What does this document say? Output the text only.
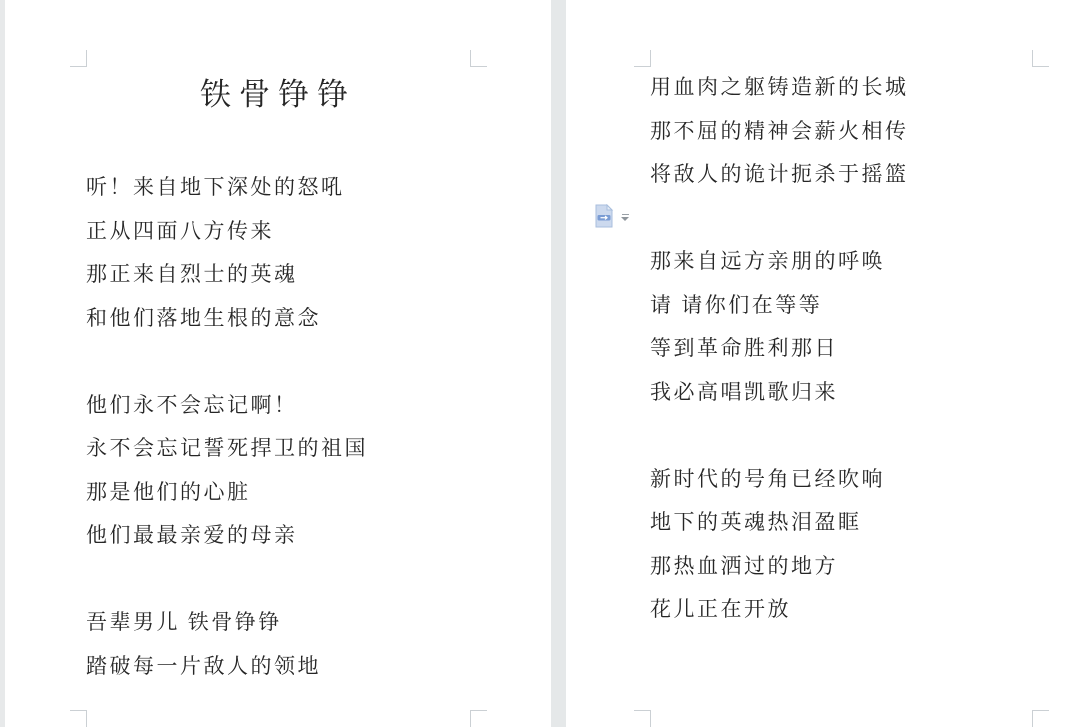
铁骨铮铮
听！来自地下深处的怒吼
正从四面八方传来
那正来自烈士的英魂
和他们落地生根的意念

他们永不会忘记啊！
永不会忘记誓死捍卫的祖国
那是他们的心脏
他们最最亲爱的母亲

吾辈男儿 铁骨铮铮
踏破每一片敌人的领地
用血肉之躯铸造新的长城
那不屈的精神会薪火相传
将敌人的诡计扼杀于摇篮

那来自远方亲朋的呼唤
请 请你们在等等
等到革命胜利那日
我必高唱凯歌归来

新时代的号角已经吹响
地下的英魂热泪盈眶
那热血洒过的地方
花儿正在开放
